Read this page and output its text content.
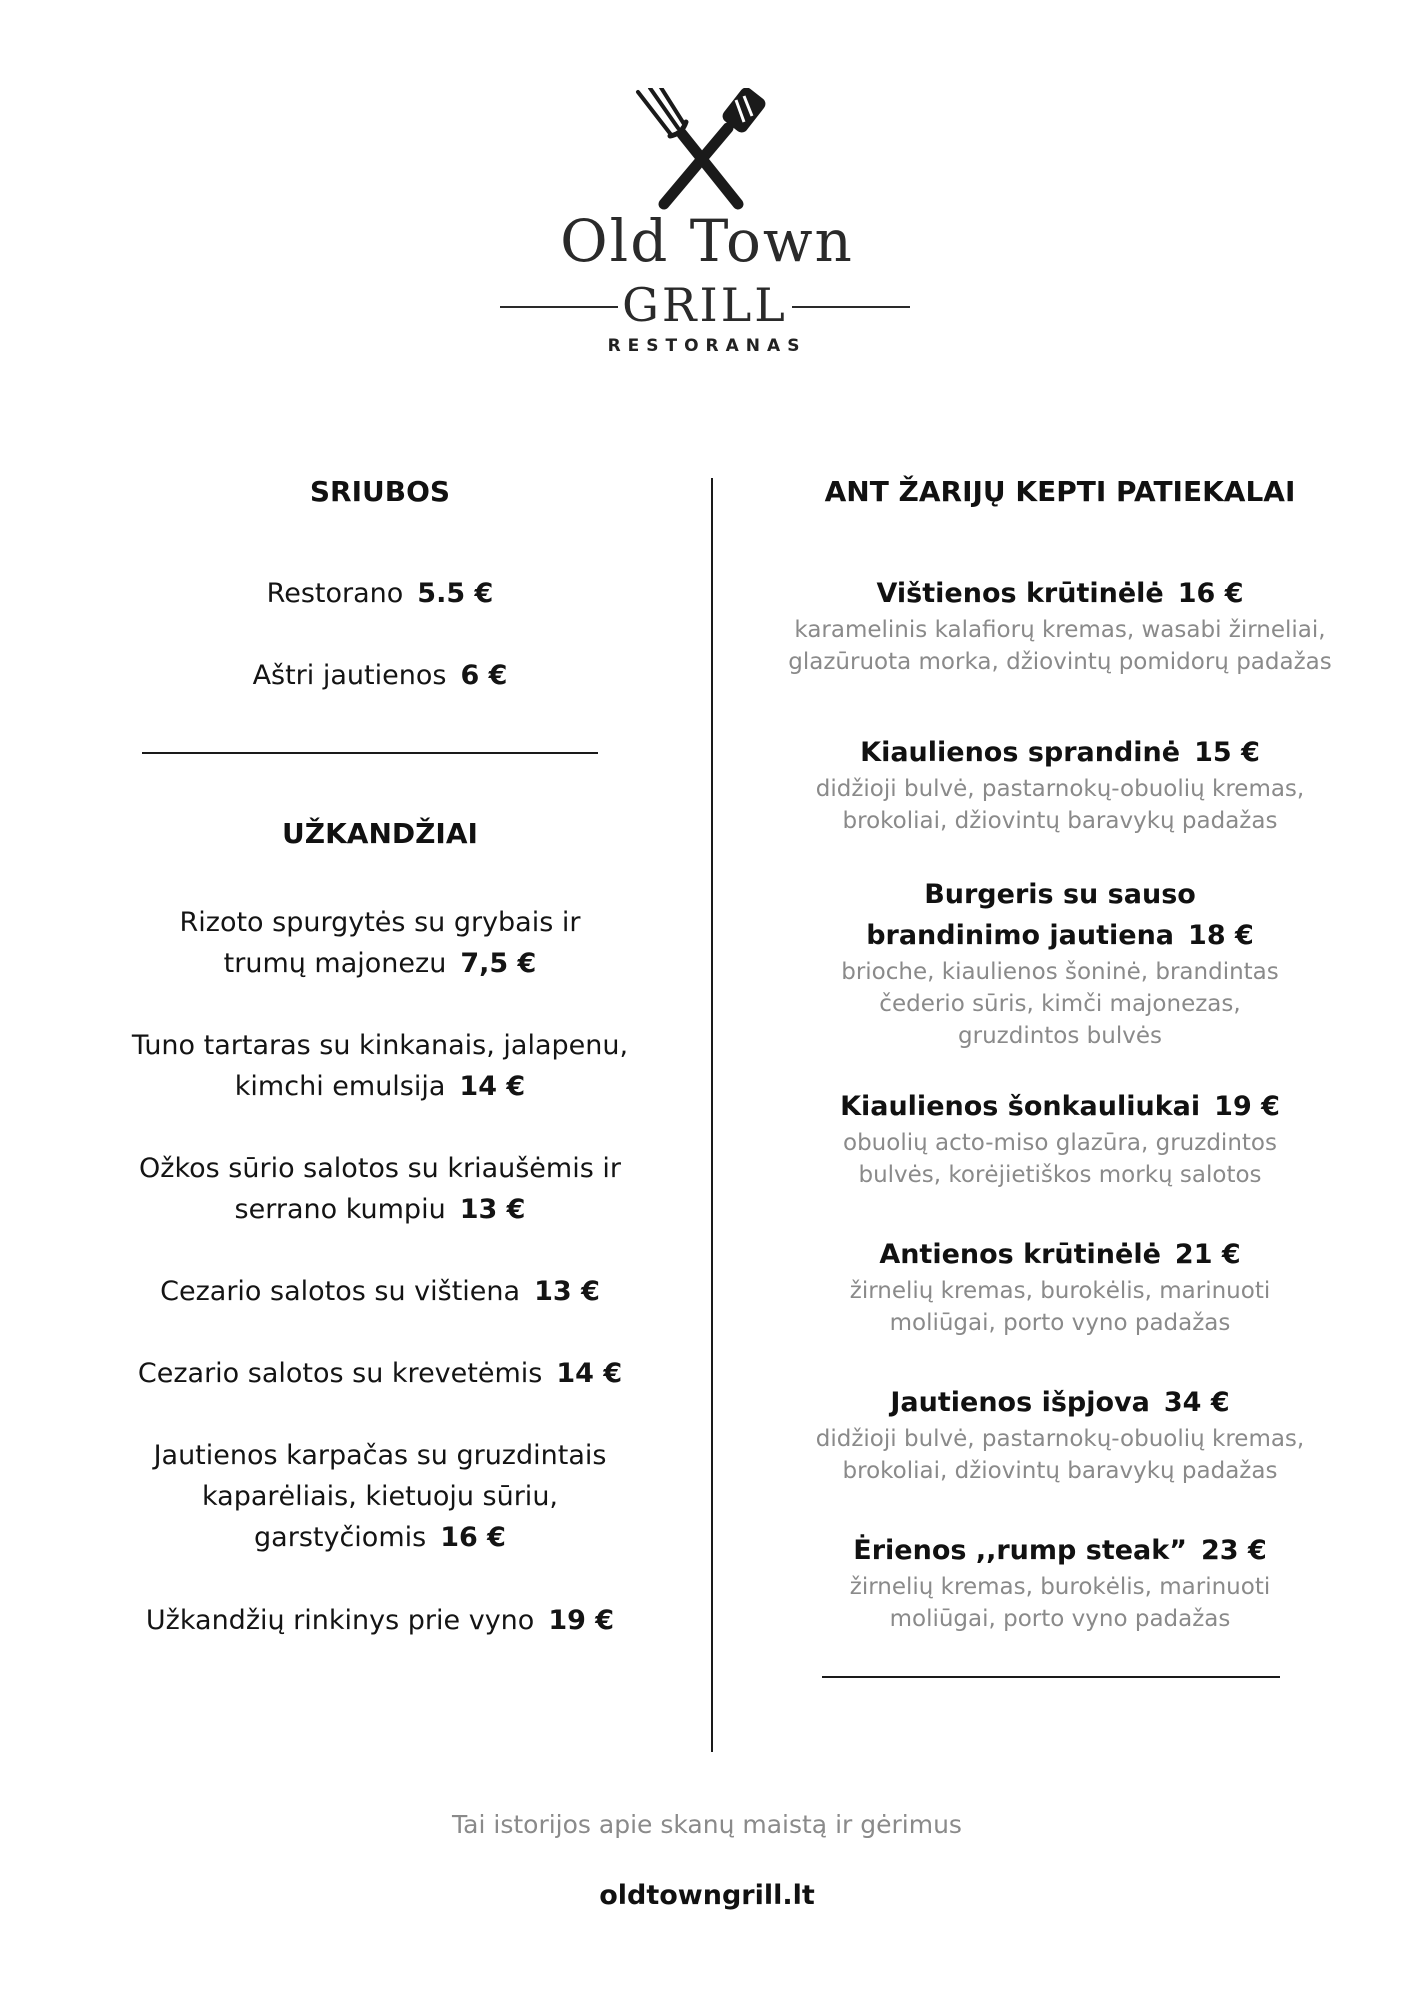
Old Town
GRILL
RESTORANAS
SRIUBOS
Restorano 5.5 €
Aštri jautienos 6 €
UŽKANDŽIAI
Rizoto spurgytės su grybais ir trumų majonezu 7,5 €
Tuno tartaras su kinkanais, jalapenu, kimchi emulsija 14 €
Ožkos sūrio salotos su kriaušėmis ir serrano kumpiu 13 €
Cezario salotos su vištiena 13 €
Cezario salotos su krevetėmis 14 €
Jautienos karpačas su gruzdintais kaparėliais, kietuoju sūriu, garstyčiomis 16 €
Užkandžių rinkinys prie vyno 19 €
ANT ŽARIJŲ KEPTI PATIEKALAI
Vištienos krūtinėlė 16 €
karamelinis kalafiorų kremas, wasabi žirneliai, glazūruota morka, džiovintų pomidorų padažas
Kiaulienos sprandinė 15 €
didžioji bulvė, pastarnokų-obuolių kremas, brokoliai, džiovintų baravykų padažas
Burgeris su sauso brandinimo jautiena 18 €
brioche, kiaulienos šoninė, brandintas čederio sūris, kimči majonezas, gruzdintos bulvės
Kiaulienos šonkauliukai 19 €
obuolių acto-miso glazūra, gruzdintos bulvės, korėjietiškos morkų salotos
Antienos krūtinėlė 21 €
žirnelių kremas, burokėlis, marinuoti moliūgai, porto vyno padažas
Jautienos išpjova 34 €
didžioji bulvė, pastarnokų-obuolių kremas, brokoliai, džiovintų baravykų padažas
Ėrienos ,,rump steak” 23 €
žirnelių kremas, burokėlis, marinuoti moliūgai, porto vyno padažas
Tai istorijos apie skanų maistą ir gėrimus
oldtowngrill.lt
